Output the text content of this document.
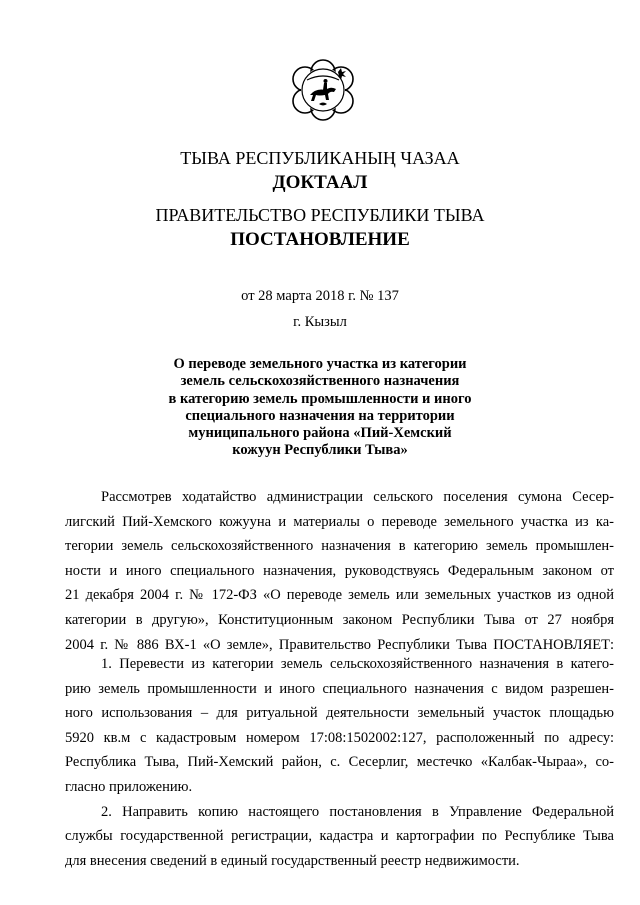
ТЫВА РЕСПУБЛИКАНЫҢ ЧАЗАА
ДОКТААЛ
ПРАВИТЕЛЬСТВО РЕСПУБЛИКИ ТЫВА
ПОСТАНОВЛЕНИЕ
от 28 марта 2018 г. № 137
г. Кызыл
О переводе земельного участка из категории
земель сельскохозяйственного назначения
в категорию земель промышленности и иного
специального назначения на территории
муниципального района «Пий-Хемский
кожуун Республики Тыва»
Рассмотрев ходатайство администрации сельского поселения сумона Сесер-
лигский Пий-Хемского кожууна и материалы о переводе земельного участка из ка-
тегории земель сельскохозяйственного назначения в категорию земель промышлен-
ности и иного специального назначения, руководствуясь Федеральным законом от
21 декабря 2004 г. № 172-ФЗ «О переводе земель или земельных участков из одной
категории в другую», Конституционным законом Республики Тыва от 27 ноября
2004 г. № 886 ВХ-1 «О земле», Правительство Республики Тыва ПОСТАНОВЛЯЕТ:
1. Перевести из категории земель сельскохозяйственного назначения в катего-
рию земель промышленности и иного специального назначения с видом разрешен-
ного использования – для ритуальной деятельности земельный участок площадью
5920 кв.м с кадастровым номером 17:08:1502002:127, расположенный по адресу:
Республика Тыва, Пий-Хемский район, с. Сесерлиг, местечко «Калбак-Чыраа», со-
гласно приложению.
2. Направить копию настоящего постановления в Управление Федеральной
службы государственной регистрации, кадастра и картографии по Республике Тыва
для внесения сведений в единый государственный реестр недвижимости.
